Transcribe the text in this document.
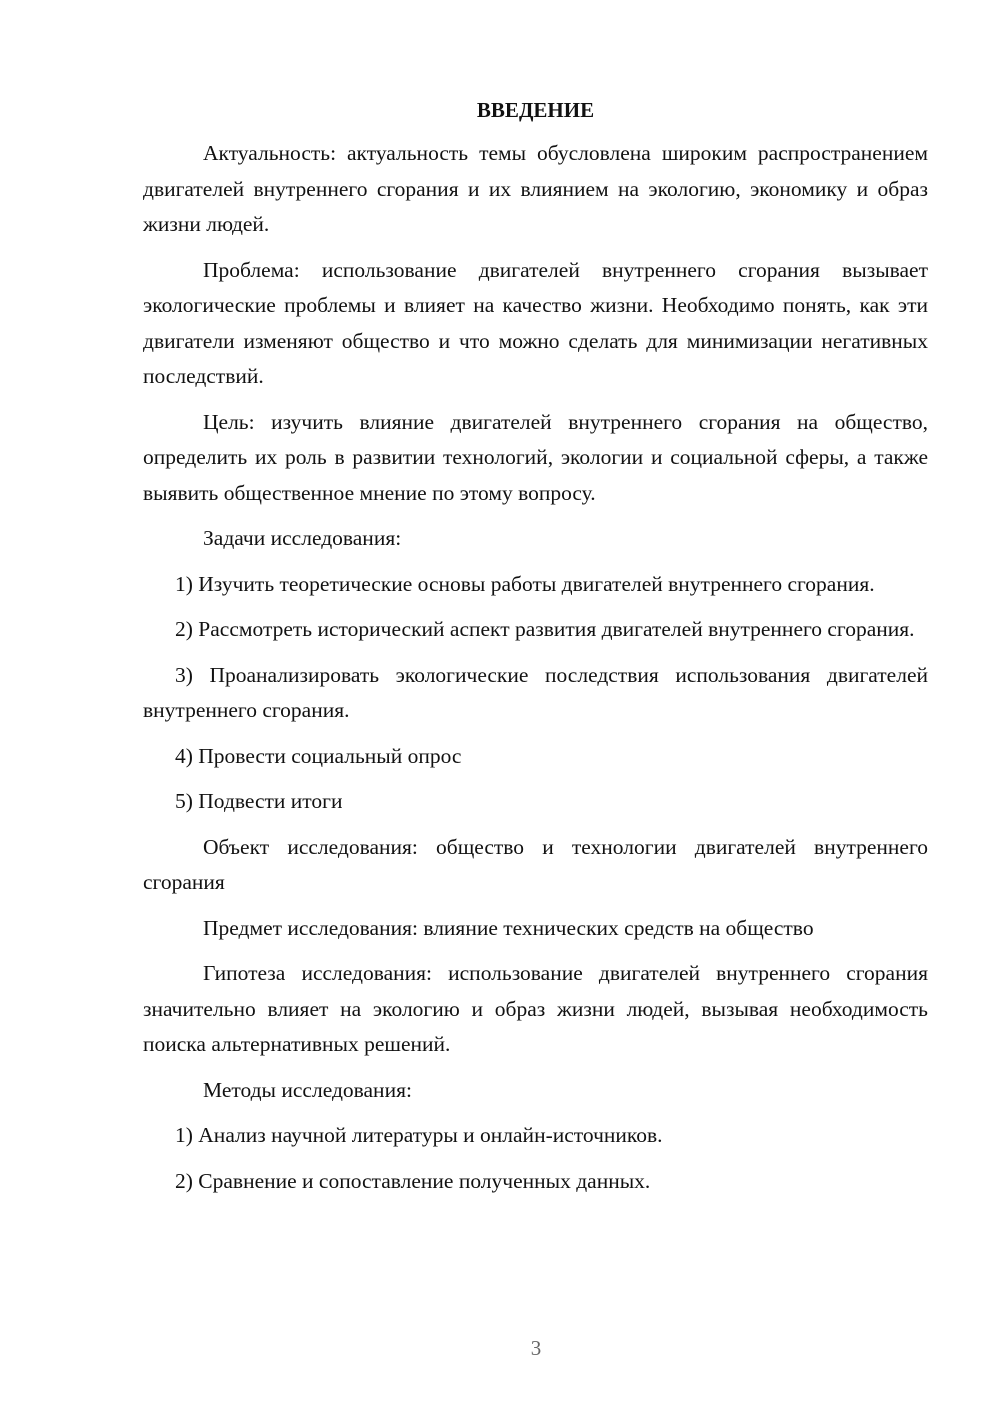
ВВЕДЕНИЕ

Актуальность: актуальность темы обусловлена широким распространением двигателей внутреннего сгорания и их влиянием на экологию, экономику и образ жизни людей.

Проблема: использование двигателей внутреннего сгорания вызывает экологические проблемы и влияет на качество жизни. Необходимо понять, как эти двигатели изменяют общество и что можно сделать для минимизации негативных последствий.

Цель: изучить влияние двигателей внутреннего сгорания на общество, определить их роль в развитии технологий, экологии и социальной сферы, а также выявить общественное мнение по этому вопросу.

Задачи исследования:

1) Изучить теоретические основы работы двигателей внутреннего сгорания.

2) Рассмотреть исторический аспект развития двигателей внутреннего сгорания.

3) Проанализировать экологические последствия использования двигателей внутреннего сгорания.

4) Провести социальный опрос

5) Подвести итоги

Объект исследования: общество и технологии двигателей внутреннего сгорания

Предмет исследования: влияние технических средств на общество

Гипотеза исследования: использование двигателей внутреннего сгорания значительно влияет на экологию и образ жизни людей, вызывая необходимость поиска альтернативных решений.

Методы исследования:

1) Анализ научной литературы и онлайн-источников.

2) Сравнение и сопоставление полученных данных.

3
